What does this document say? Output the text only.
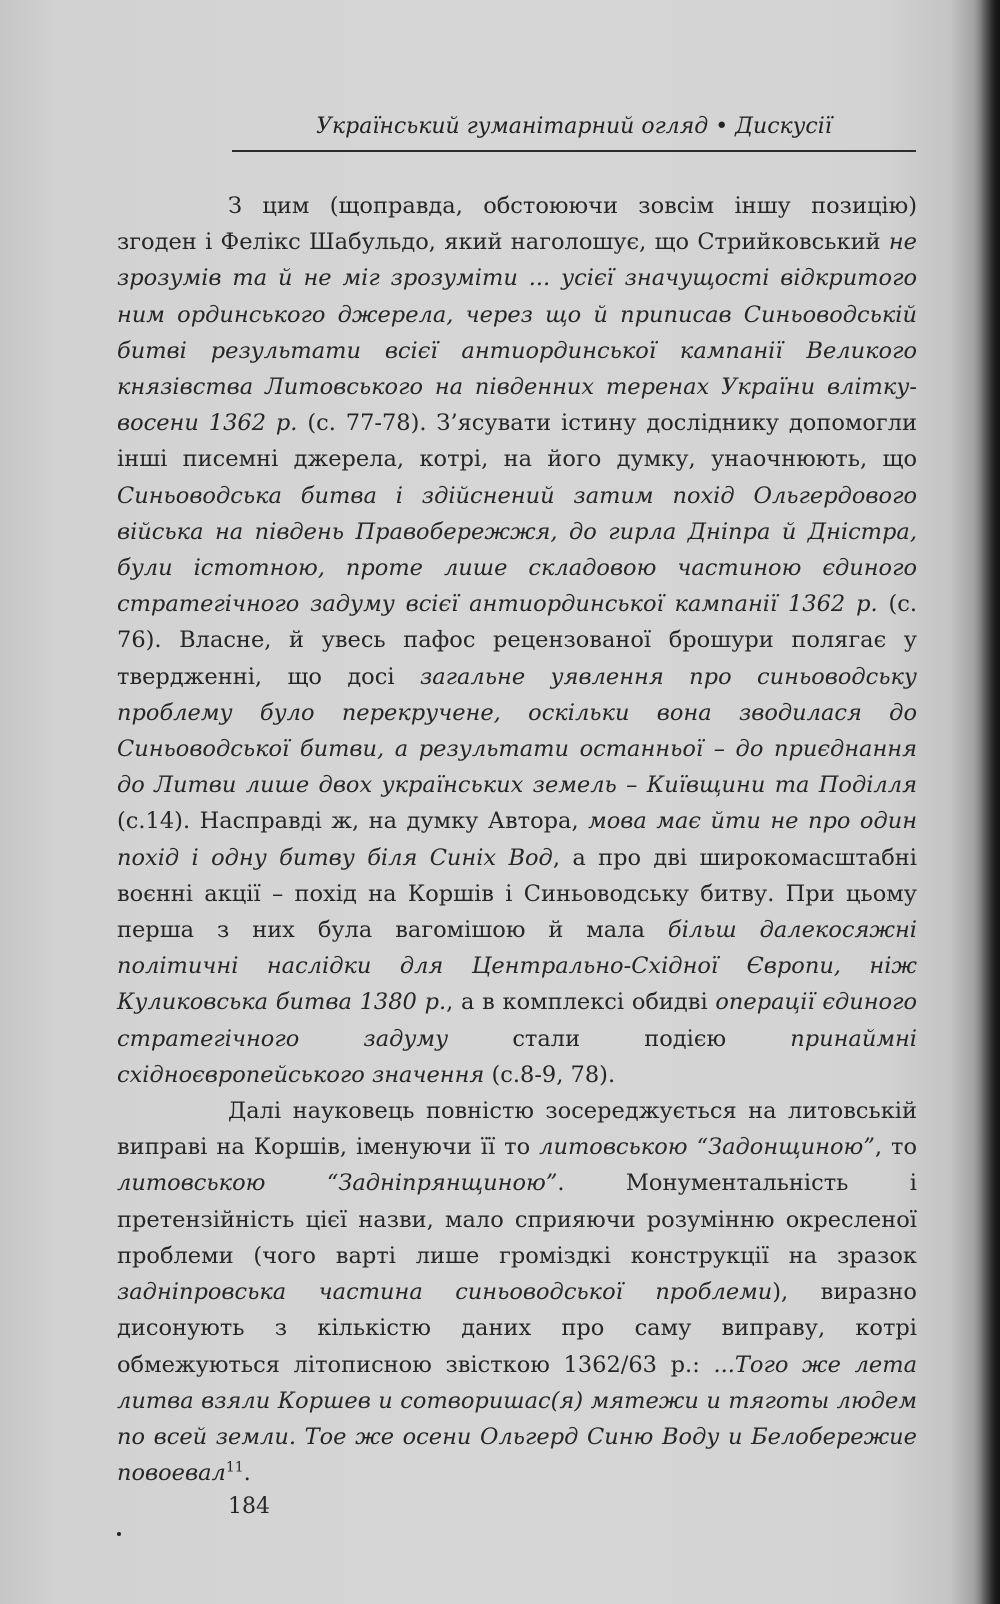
Український гуманітарний огляд • Дискусії

З цим (щоправда, обстоюючи зовсім іншу позицію) згоден і Фелікс Шабульдо, який наголошує, що Стрийковський не зрозумів та й не міг зрозуміти ... усієї значущості відкритого ним ординського джерела, через що й приписав Синьоводській битві результати всієї антиординської кампанії Великого князівства Литовського на південних теренах України влітку-восени 1362 р. (с. 77-78). З’ясувати істину досліднику допомогли інші писемні джерела, котрі, на його думку, унаочнюють, що Синьоводська битва і здійснений затим похід Ольгердового війська на південь Правобережжя, до гирла Дніпра й Дністра, були істотною, проте лише складовою частиною єдиного стратегічного задуму всієї антиординської кампанії 1362 р. (с. 76). Власне, й увесь пафос рецензованої брошури полягає у твердженні, що досі загальне уявлення про синьоводську проблему було перекручене, оскільки вона зводилася до Синьоводської битви, а результати останньої – до приєднання до Литви лише двох українських земель – Київщини та Поділля (с.14). Насправді ж, на думку Автора, мова має йти не про один похід і одну битву біля Синіх Вод, а про дві широкомасштабні воєнні акції – похід на Коршів і Синьоводську битву. При цьому перша з них була вагомішою й мала більш далекосяжні політичні наслідки для Центрально-Східної Європи, ніж Куликовська битва 1380 р., а в комплексі обидві операції єдиного стратегічного задуму стали подією принаймні східноєвропейського значення (с.8-9, 78).

Далі науковець повністю зосереджується на литовській виправі на Коршів, іменуючи її то литовською “Задонщиною”, то литовською “Задніпрянщиною”. Монументальність і претензійність цієї назви, мало сприяючи розумінню окресленої проблеми (чого варті лише громіздкі конструкції на зразок задніпровська частина синьоводської проблеми), виразно дисонують з кількістю даних про саму виправу, котрі обмежуються літописною звісткою 1362/63 р.: ...Того же лета литва взяли Коршев и сотворишас(я) мятежи и тяготы людем по всей земли. Тое же осени Ольгерд Синю Воду и Белобережие повоевал$^{11}$.

184
